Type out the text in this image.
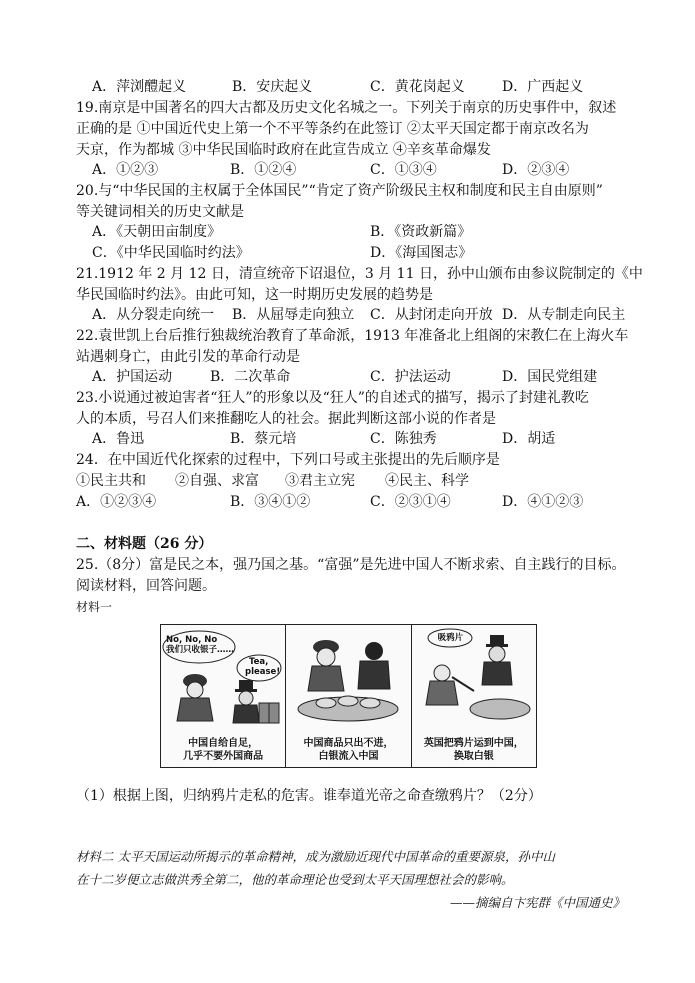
A．萍浏醴起义	B．安庆起义	C．黄花岗起义	D．广西起义
19.南京是中国著名的四大古都及历史文化名城之一。下列关于南京的历史事件中，叙述
正确的是 ①中国近代史上第一个不平等条约在此签订 ②太平天国定都于南京改名为
天京，作为都城 ③中华民国临时政府在此宣告成立 ④辛亥革命爆发
A．①②③	B．①②④	C．①③④	D．②③④
20.与“中华民国的主权属于全体国民”“肯定了资产阶级民主权和制度和民主自由原则”
等关键词相关的历史文献是
A．《天朝田亩制度》	B．《资政新篇》
C．《中华民国临时约法》	D．《海国图志》
21.1912 年 2 月 12 日，清宣统帝下诏退位，3 月 11 日，孙中山颁布由参议院制定的《中
华民国临时约法》。由此可知，这一时期历史发展的趋势是
A．从分裂走向统一 B．从屈辱走向独立 C．从封闭走向开放 D．从专制走向民主
22.袁世凯上台后推行独裁统治教育了革命派，1913 年准备北上组阁的宋教仁在上海火车
站遇刺身亡，由此引发的革命行动是
A．护国运动	B．二次革命	C．护法运动	D．国民党组建
23.小说通过被迫害者“狂人”的形象以及“狂人”的自述式的描写，揭示了封建礼教吃
人的本质，号召人们来推翻吃人的社会。据此判断这部小说的作者是
A．鲁迅	B．蔡元培	C．陈独秀	D．胡适
24．在中国近代化探索的过程中，下列口号或主张提出的先后顺序是
①民主共和 ②自强、求富 ③君主立宪 ④民主、科学
A．①②③④	B．③④①②	C．②③①④	D．④①②③
二、材料题（26 分）
25.（8分）富是民之本，强乃国之基。“富强”是先进中国人不断求索、自主践行的目标。
阅读材料，回答问题。
材料一
No, No, No
我们只收银子……
Tea,
please!
中国自给自足，
几乎不要外国商品
中国商品只出不进，
白银流入中国
吸鸦片
英国把鸦片运到中国，
换取白银
（1）根据上图，归纳鸦片走私的危害。谁奉道光帝之命查缴鸦片？（2分）
材料二 太平天国运动所揭示的革命精神，成为激励近现代中国革命的重要源泉，孙中山
在十二岁便立志做洪秀全第二，他的革命理论也受到太平天国理想社会的影响。
——摘编自卞宪群《中国通史》
